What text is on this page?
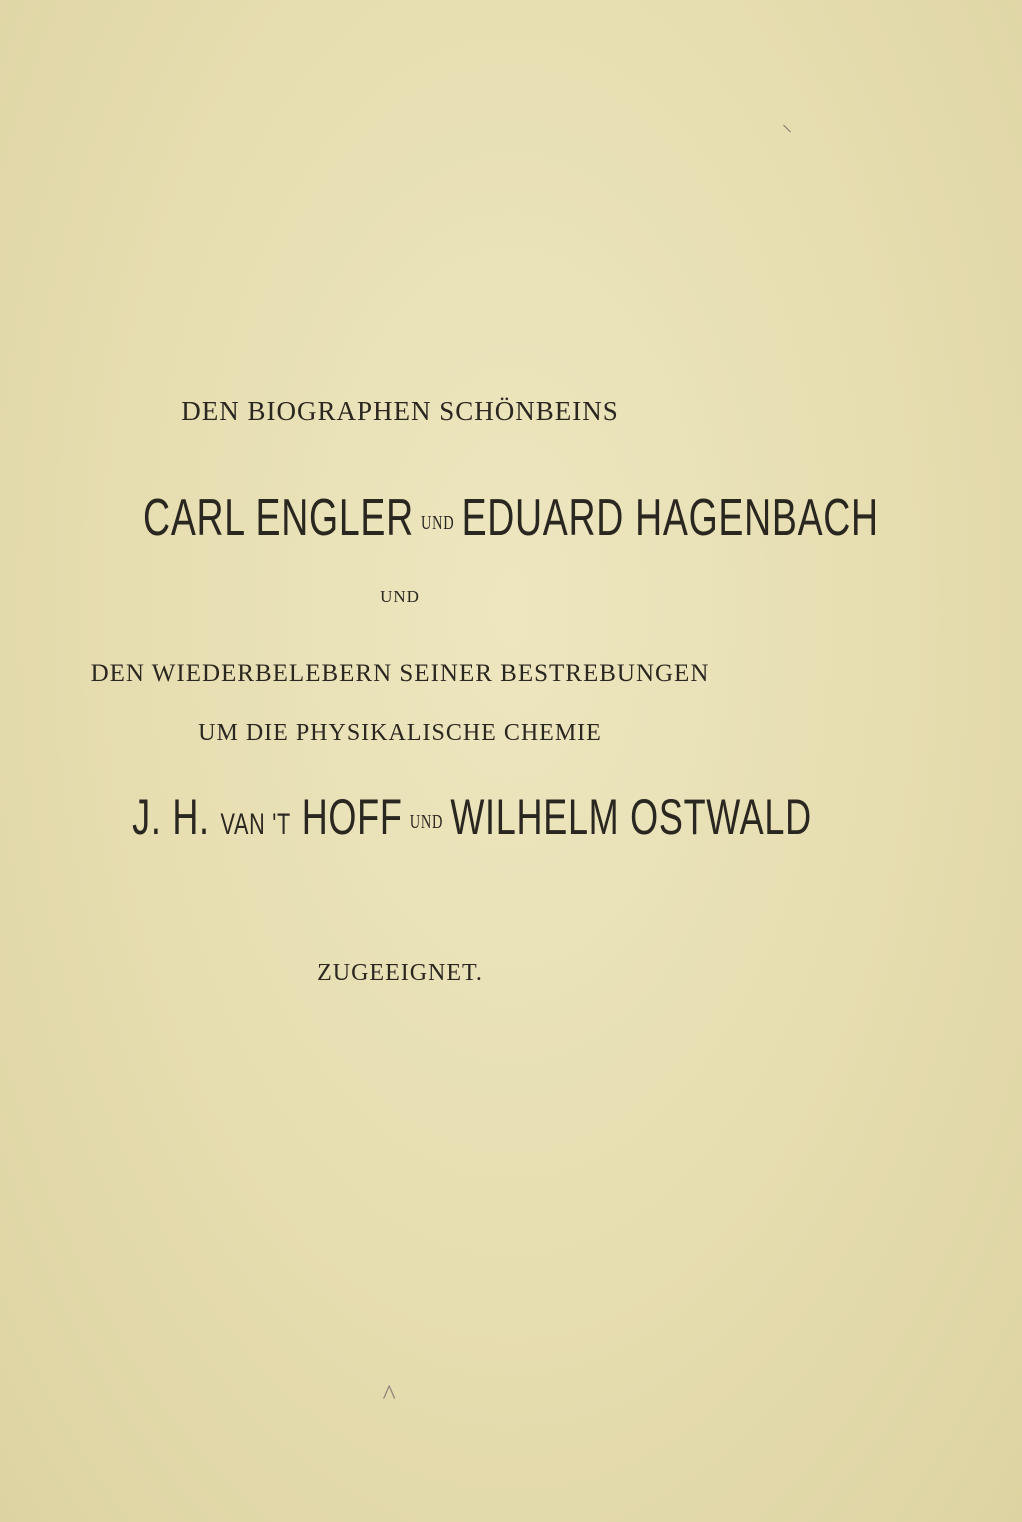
DEN BIOGRAPHEN SCHÖNBEINS
CARL ENGLER UND EDUARD HAGENBACH
UND
DEN WIEDERBELEBERN SEINER BESTREBUNGEN
UM DIE PHYSIKALISCHE CHEMIE
J. H. VAN 'T HOFF UND WILHELM OSTWALD
ZUGEEIGNET.
^
